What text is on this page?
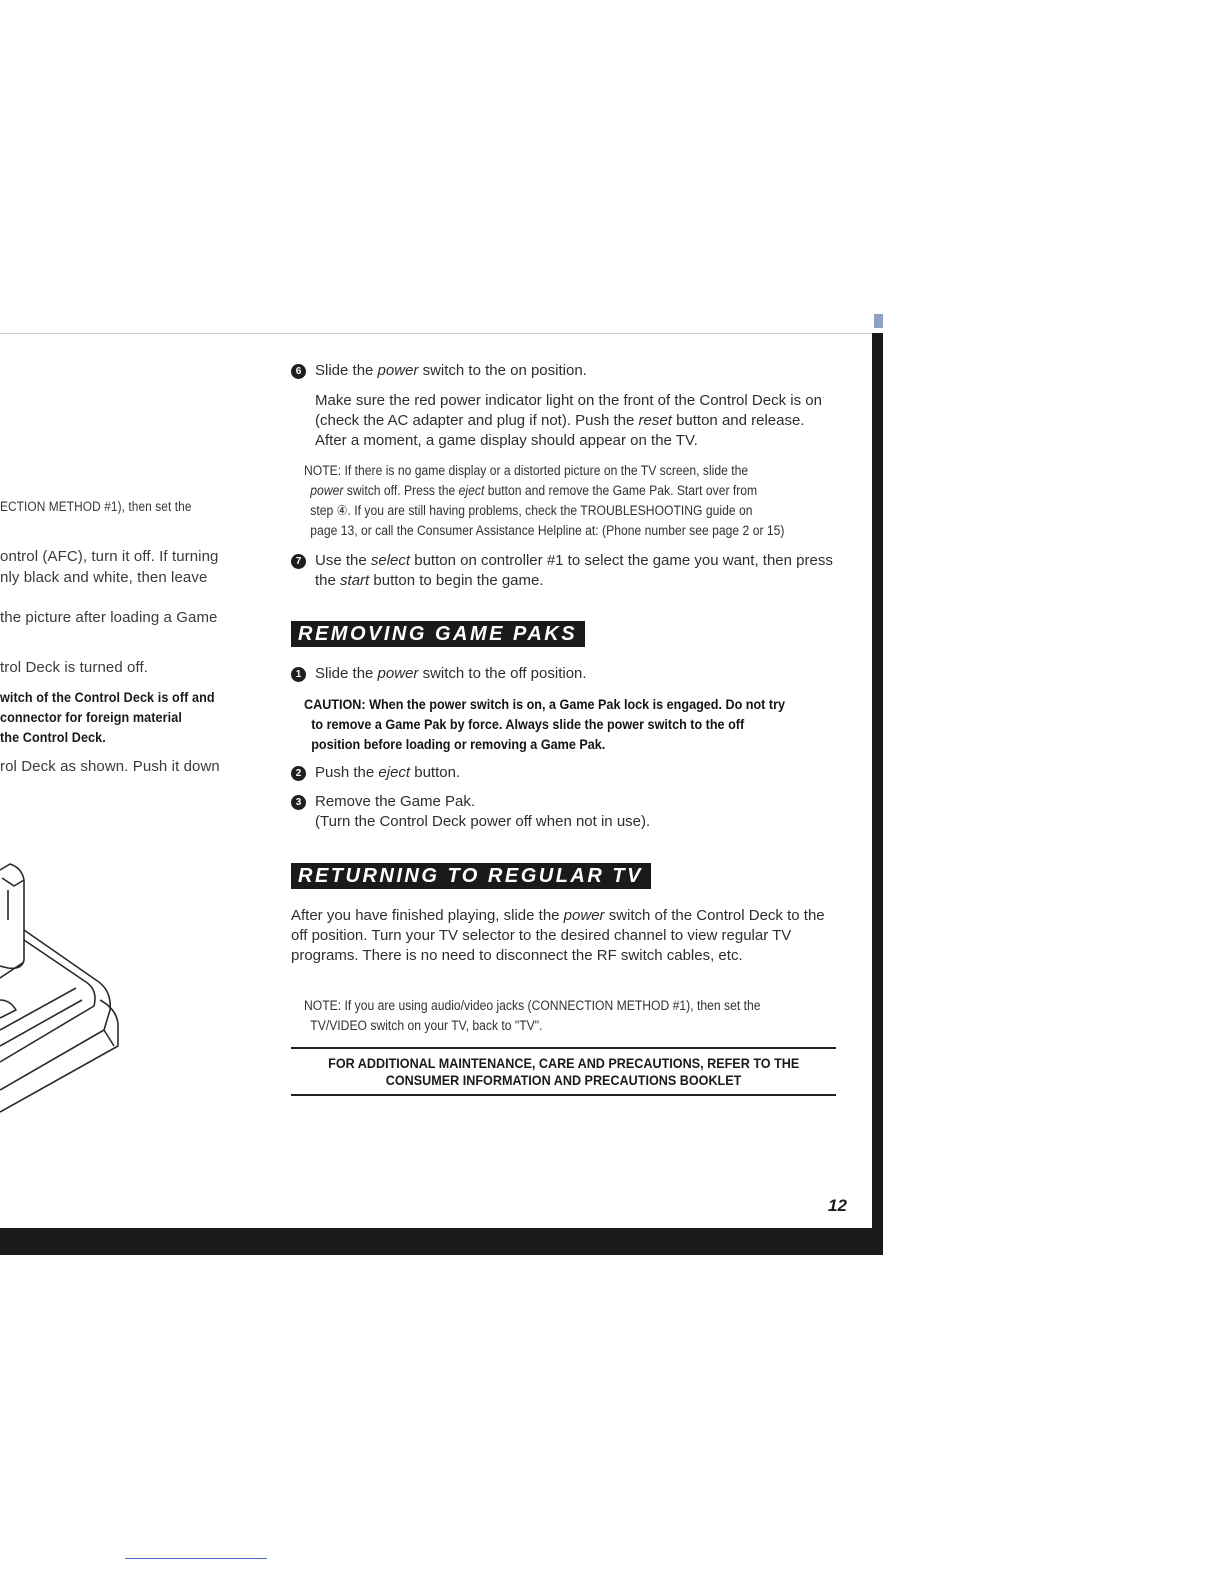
ECTION METHOD #1), then set the
ontrol (AFC), turn it off. If turning
nly black and white, then leave
the picture after loading a Game
trol Deck is turned off.
witch of the Control Deck is off and
connector for foreign material
the Control Deck.
rol Deck as shown. Push it down
6 Slide the power switch to the on position.

Make sure the red power indicator light on the front of the Control Deck is on (check the AC adapter and plug if not). Push the reset button and release. After a moment, a game display should appear on the TV.

NOTE: If there is no game display or a distorted picture on the TV screen, slide the
power switch off. Press the eject button and remove the Game Pak. Start over from
step ④. If you are still having problems, check the TROUBLESHOOTING guide on
page 13, or call the Consumer Assistance Helpline at: (Phone number see page 2 or 15)
7 Use the select button on controller #1 to select the game you want, then press the start button to begin the game.
REMOVING GAME PAKS
1 Slide the power switch to the off position.
CAUTION: When the power switch is on, a Game Pak lock is engaged. Do not try
to remove a Game Pak by force. Always slide the power switch to the off
position before loading or removing a Game Pak.
2 Push the eject button.
3 Remove the Game Pak.
(Turn the Control Deck power off when not in use).
RETURNING TO REGULAR TV
After you have finished playing, slide the power switch of the Control Deck to the off position. Turn your TV selector to the desired channel to view regular TV programs. There is no need to disconnect the RF switch cables, etc.
NOTE: If you are using audio/video jacks (CONNECTION METHOD #1), then set the
TV/VIDEO switch on your TV, back to "TV".
FOR ADDITIONAL MAINTENANCE, CARE AND PRECAUTIONS, REFER TO THE
CONSUMER INFORMATION AND PRECAUTIONS BOOKLET
12
